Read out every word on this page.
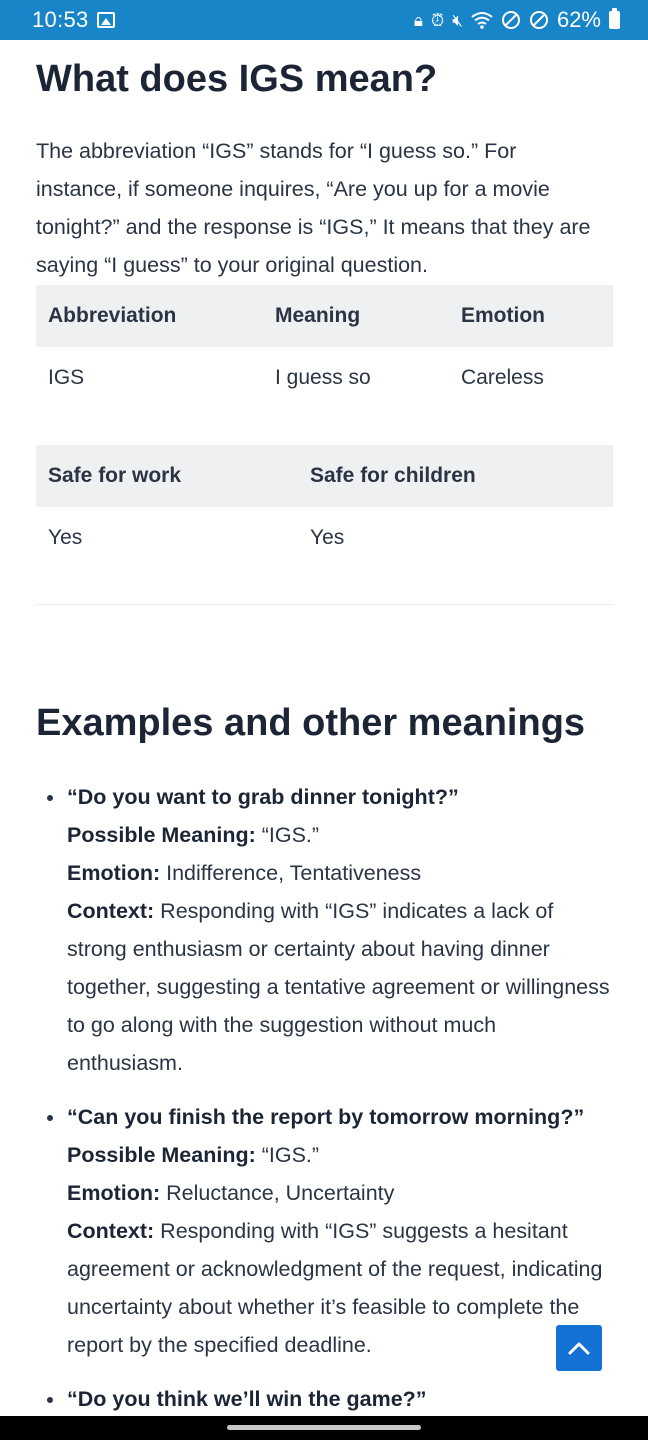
10:53	🔒︎ ⏰︎ 🔇︎	62%
What does IGS mean?

The abbreviation “IGS” stands for “I guess so.” For instance, if someone inquires, “Are you up for a movie tonight?” and the response is “IGS,” It means that they are saying “I guess” to your original question.

Abbreviation	Meaning	Emotion
IGS	I guess so	Careless
Safe for work	Safe for children
Yes	Yes
Examples and other meanings
“Do you want to grab dinner tonight?”
Possible Meaning: “IGS.”
Emotion: Indifference, Tentativeness
Context: Responding with “IGS” indicates a lack of strong enthusiasm or certainty about having dinner together, suggesting a tentative agreement or willingness to go along with the suggestion without much enthusiasm.
“Can you finish the report by tomorrow morning?”
Possible Meaning: “IGS.”
Emotion: Reluctance, Uncertainty
Context: Responding with “IGS” suggests a hesitant agreement or acknowledgment of the request, indicating uncertainty about whether it’s feasible to complete the report by the specified deadline.
“Do you think we’ll win the game?”
